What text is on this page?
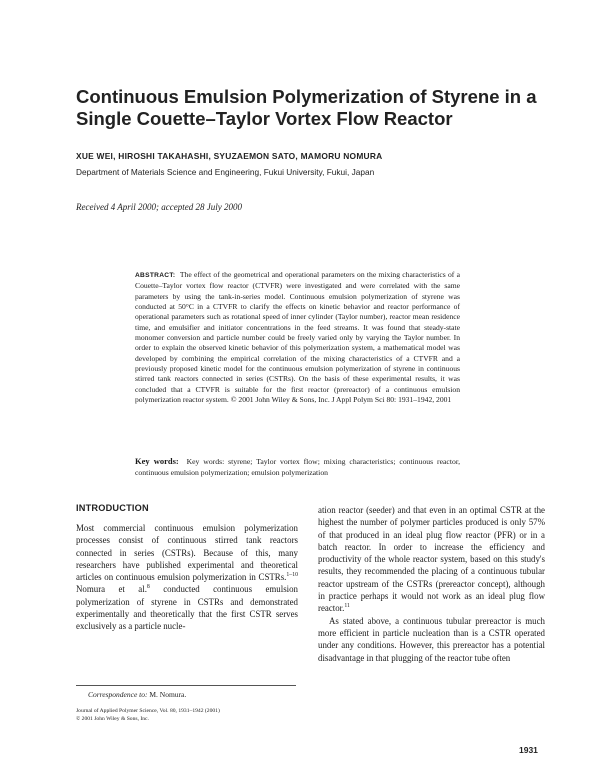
Continuous Emulsion Polymerization of Styrene in a Single Couette–Taylor Vortex Flow Reactor
XUE WEI, HIROSHI TAKAHASHI, SYUZAEMON SATO, MAMORU NOMURA
Department of Materials Science and Engineering, Fukui University, Fukui, Japan
Received 4 April 2000; accepted 28 July 2000
ABSTRACT: The effect of the geometrical and operational parameters on the mixing characteristics of a Couette–Taylor vortex flow reactor (CTVFR) were investigated and were correlated with the same parameters by using the tank-in-series model. Continuous emulsion polymerization of styrene was conducted at 50°C in a CTVFR to clarify the effects on kinetic behavior and reactor performance of operational parameters such as rotational speed of inner cylinder (Taylor number), reactor mean residence time, and emulsifier and initiator concentrations in the feed streams. It was found that steady-state monomer conversion and particle number could be freely varied only by varying the Taylor number. In order to explain the observed kinetic behavior of this polymerization system, a mathematical model was developed by combining the empirical correlation of the mixing characteristics of a CTVFR and a previously proposed kinetic model for the continuous emulsion polymerization of styrene in continuous stirred tank reactors connected in series (CSTRs). On the basis of these experimental results, it was concluded that a CTVFR is suitable for the first reactor (prereactor) of a continuous emulsion polymerization reactor system. © 2001 John Wiley & Sons, Inc. J Appl Polym Sci 80: 1931–1942, 2001
Key words: Key words: styrene; Taylor vortex flow; mixing characteristics; continuous reactor, continuous emulsion polymerization; emulsion polymerization
INTRODUCTION

Most commercial continuous emulsion polymerization processes consist of continuous stirred tank reactors connected in series (CSTRs). Because of this, many researchers have published experimental and theoretical articles on continuous emulsion polymerization in CSTRs.$^{1-10}$ Nomura et al.$^8$ conducted continuous emulsion polymerization of styrene in CSTRs and demonstrated experimentally and theoretically that the first CSTR serves exclusively as a particle nucle-

ation reactor (seeder) and that even in an optimal CSTR at the highest the number of polymer particles produced is only 57% of that produced in an ideal plug flow reactor (PFR) or in a batch reactor. In order to increase the efficiency and productivity of the whole reactor system, based on this study's results, they recommended the placing of a continuous tubular reactor upstream of the CSTRs (prereactor concept), although in practice perhaps it would not work as an ideal plug flow reactor.$^{11}$

As stated above, a continuous tubular prereactor is much more efficient in particle nucleation than is a CSTR operated under any conditions. However, this prereactor has a potential disadvantage in that plugging of the reactor tube often

Correspondence to: M. Nomura.
Journal of Applied Polymer Science, Vol. 80, 1931–1942 (2001)
© 2001 John Wiley & Sons, Inc.
1931
